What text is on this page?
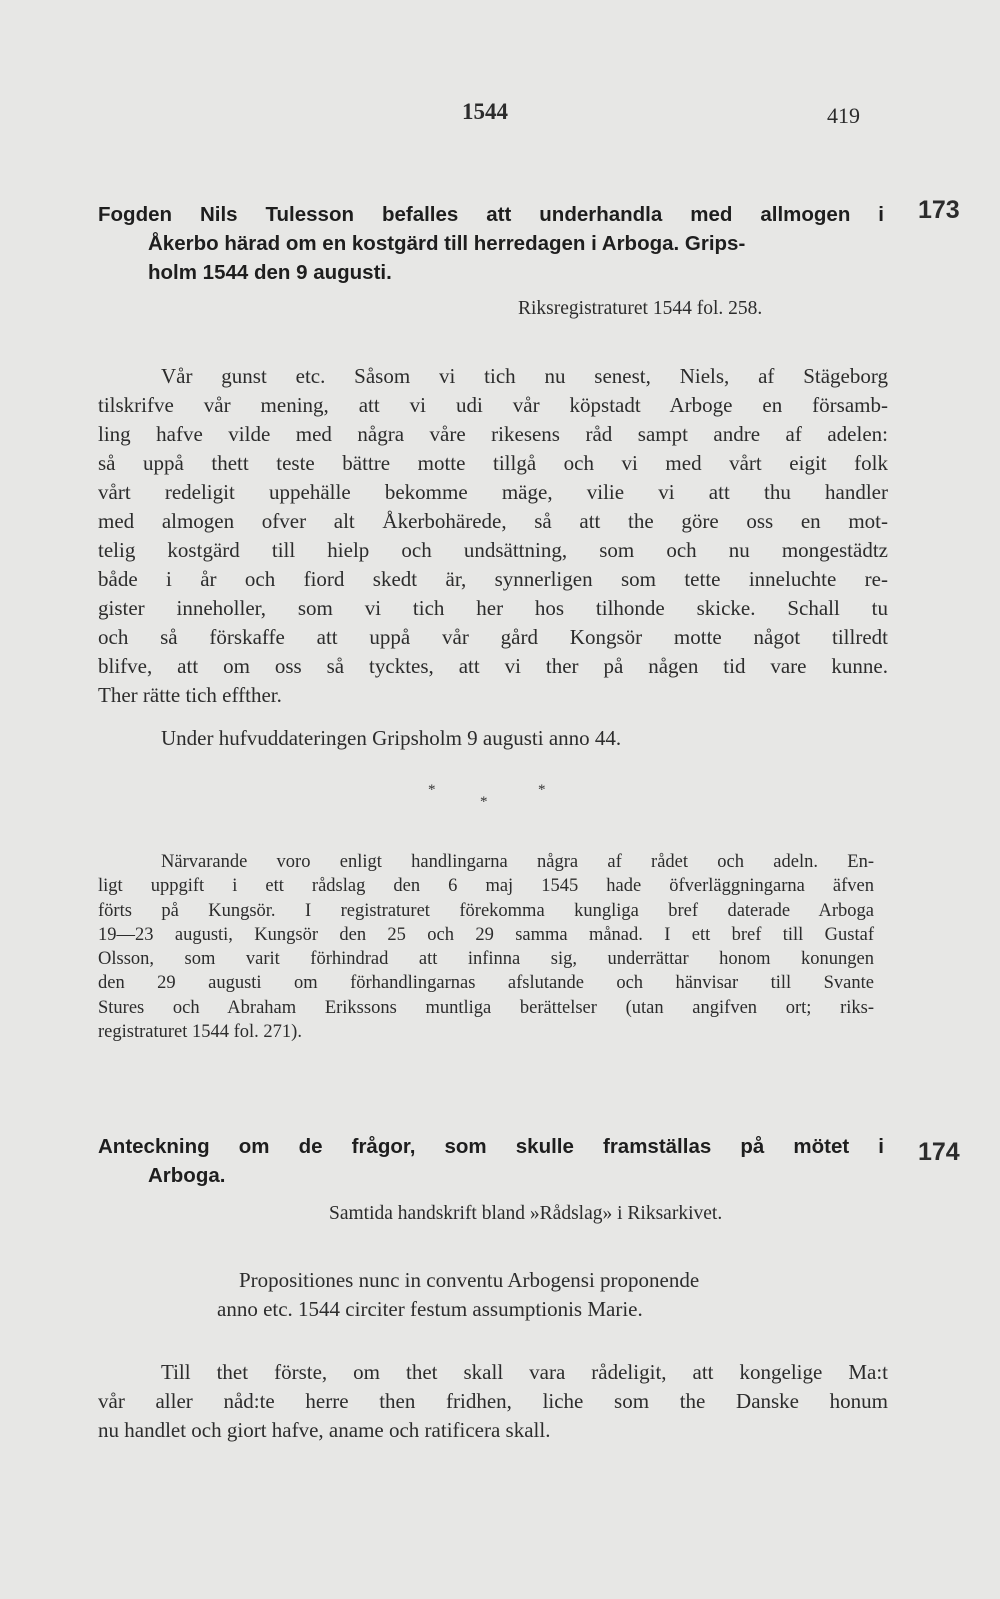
1544	419
173
Fogden Nils Tulesson befalles att underhandla med allmogen i
Åkerbo härad om en kostgärd till herredagen i Arboga. Grips-
holm 1544 den 9 augusti.
Riksregistraturet 1544 fol. 258.
Vår gunst etc. Såsom vi tich nu senest, Niels, af Stägeborg
tilskrifve vår mening, att vi udi vår köpstadt Arboge en församb-
ling hafve vilde med några våre rikesens råd sampt andre af adelen:
så uppå thett teste bättre motte tillgå och vi med vårt eigit folk
vårt redeligit uppehälle bekomme mäge, vilie vi att thu handler
med almogen ofver alt Åkerbohärede, så att the göre oss en mot-
telig kostgärd till hielp och undsättning, som och nu mongestädtz
både i år och fiord skedt är, synnerligen som tette inneluchte re-
gister inneholler, som vi tich her hos tilhonde skicke. Schall tu
och så förskaffe att uppå vår gård Kongsör motte något tillredt
blifve, att om oss så tycktes, att vi ther på någen tid vare kunne.
Ther rätte tich effther.
Under hufvuddateringen Gripsholm 9 augusti anno 44.
*
*
*
Närvarande voro enligt handlingarna några af rådet och adeln. En-
ligt uppgift i ett rådslag den 6 maj 1545 hade öfverläggningarna äfven
förts på Kungsör. I registraturet förekomma kungliga bref daterade Arboga
19—23 augusti, Kungsör den 25 och 29 samma månad. I ett bref till Gustaf
Olsson, som varit förhindrad att infinna sig, underrättar honom konungen
den 29 augusti om förhandlingarnas afslutande och hänvisar till Svante
Stures och Abraham Erikssons muntliga berättelser (utan angifven ort; riks-
registraturet 1544 fol. 271).
174
Anteckning om de frågor, som skulle framställas på mötet i
Arboga.
Samtida handskrift bland »Rådslag» i Riksarkivet.
Propositiones nunc in conventu Arbogensi proponende
anno etc. 1544 circiter festum assumptionis Marie.
Till thet förste, om thet skall vara rådeligit, att kongelige Ma:t
vår aller nåd:te herre then fridhen, liche som the Danske honum
nu handlet och giort hafve, aname och ratificera skall.
